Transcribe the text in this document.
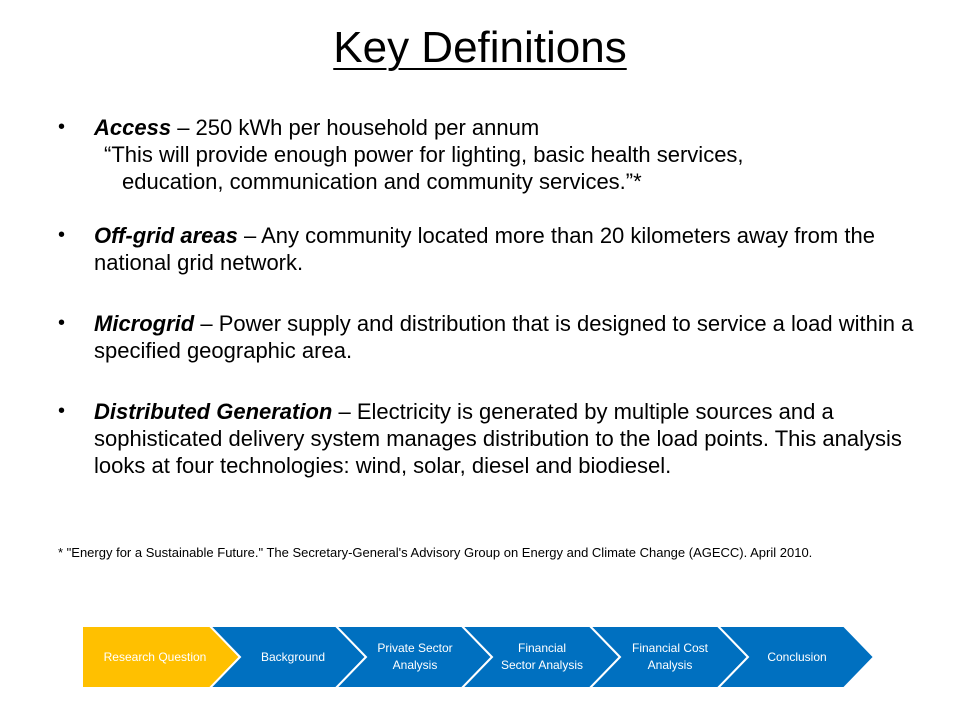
Key Definitions
• Access – 250 kWh per household per annum
“This will provide enough power for lighting, basic health services, education, communication and community services.”*
• Off-grid areas – Any community located more than 20 kilometers away from the national grid network.
• Microgrid – Power supply and distribution that is designed to service a load within a specified geographic area.
• Distributed Generation – Electricity is generated by multiple sources and a sophisticated delivery system manages distribution to the load points. This analysis looks at four technologies: wind, solar, diesel and biodiesel.
* "Energy for a Sustainable Future." The Secretary-General's Advisory Group on Energy and Climate Change (AGECC). April 2010.
Research Question	Background
Private Sector Analysis
Financial Sector Analysis
Financial Cost Analysis
Conclusion
